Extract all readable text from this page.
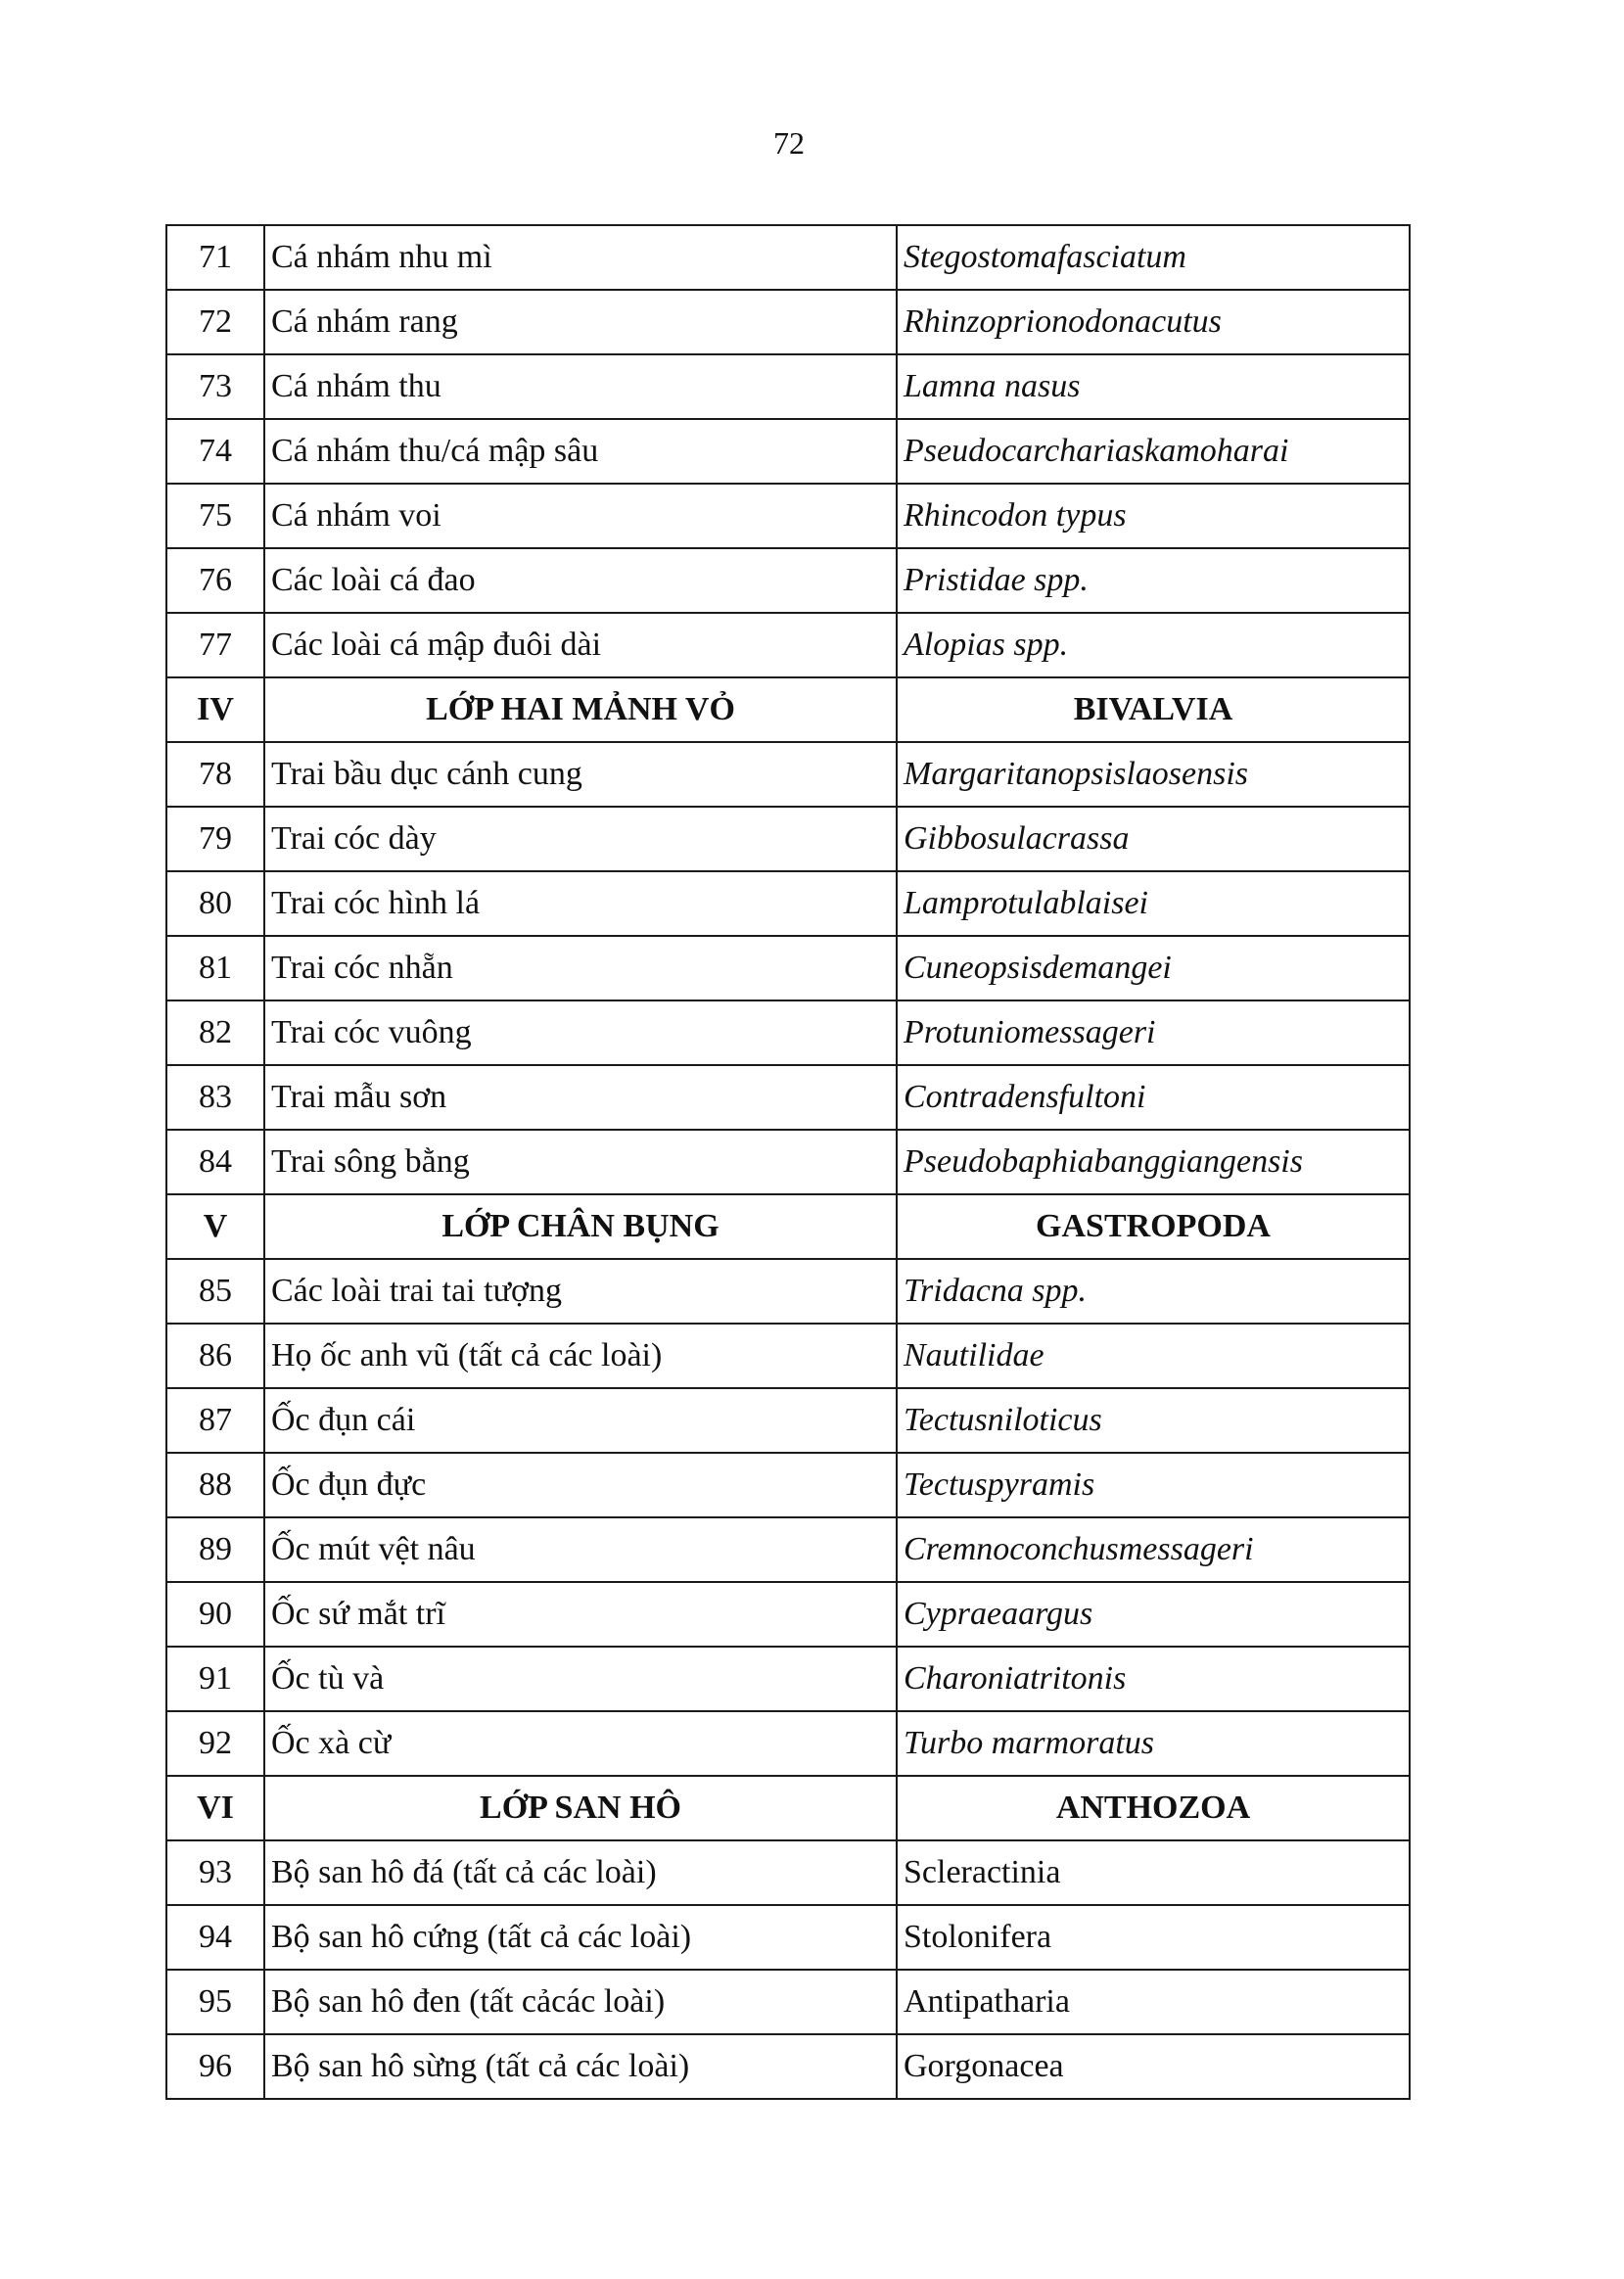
72
71	Cá nhám nhu mì	Stegostomafasciatum
72	Cá nhám rang	Rhinzoprionodonacutus
73	Cá nhám thu	Lamna nasus
74	Cá nhám thu/cá mập sâu	Pseudocarchariaskamoharai
75	Cá nhám voi	Rhincodon typus
76	Các loài cá đao	Pristidae spp.
77	Các loài cá mập đuôi dài	Alopias spp.
IV	LỚP HAI MẢNH VỎ	BIVALVIA
78	Trai bầu dục cánh cung	Margaritanopsislaosensis
79	Trai cóc dày	Gibbosulacrassa
80	Trai cóc hình lá	Lamprotulablaisei
81	Trai cóc nhẵn	Cuneopsisdemangei
82	Trai cóc vuông	Protuniomessageri
83	Trai mẫu sơn	Contradensfultoni
84	Trai sông bằng	Pseudobaphiabanggiangensis
V	LỚP CHÂN BỤNG	GASTROPODA
85	Các loài trai tai tượng	Tridacna spp.
86	Họ ốc anh vũ (tất cả các loài)	Nautilidae
87	Ốc đụn cái	Tectusniloticus
88	Ốc đụn đực	Tectuspyramis
89	Ốc mút vệt nâu	Cremnoconchusmessageri
90	Ốc sứ mắt trĩ	Cypraeaargus
91	Ốc tù và	Charoniatritonis
92	Ốc xà cừ	Turbo marmoratus
VI	LỚP SAN HÔ	ANTHOZOA
93	Bộ san hô đá (tất cả các loài)	Scleractinia
94	Bộ san hô cứng (tất cả các loài)	Stolonifera
95	Bộ san hô đen (tất cảcác loài)	Antipatharia
96	Bộ san hô sừng (tất cả các loài)	Gorgonacea
